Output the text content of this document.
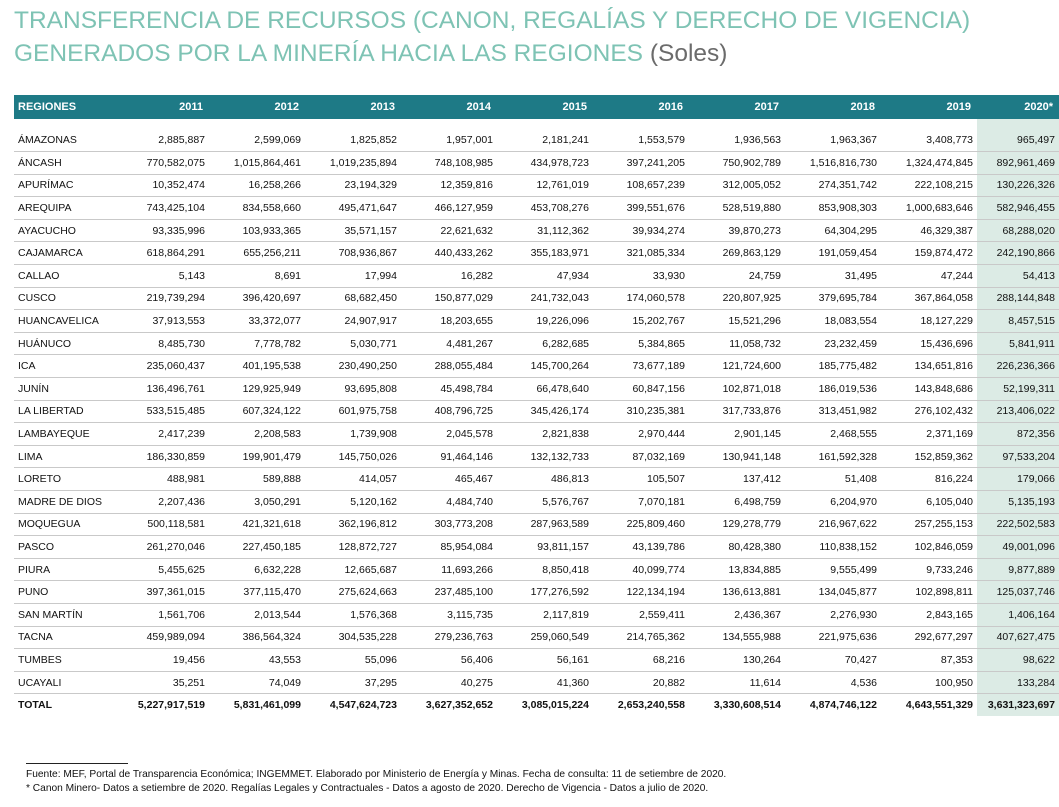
TRANSFERENCIA DE RECURSOS (CANON, REGALÍAS Y DERECHO DE VIGENCIA)
GENERADOS POR LA MINERÍA HACIA LAS REGIONES (Soles)
REGIONES	2011	2012	2013	2014	2015	2016	2017	2018	2019	2020*

ÁMAZONAS	2,885,887	2,599,069	1,825,852	1,957,001	2,181,241	1,553,579	1,936,563	1,963,367	3,408,773	965,497
ÁNCASH	770,582,075	1,015,864,461	1,019,235,894	748,108,985	434,978,723	397,241,205	750,902,789	1,516,816,730	1,324,474,845	892,961,469
APURÍMAC	10,352,474	16,258,266	23,194,329	12,359,816	12,761,019	108,657,239	312,005,052	274,351,742	222,108,215	130,226,326
AREQUIPA	743,425,104	834,558,660	495,471,647	466,127,959	453,708,276	399,551,676	528,519,880	853,908,303	1,000,683,646	582,946,455
AYACUCHO	93,335,996	103,933,365	35,571,157	22,621,632	31,112,362	39,934,274	39,870,273	64,304,295	46,329,387	68,288,020
CAJAMARCA	618,864,291	655,256,211	708,936,867	440,433,262	355,183,971	321,085,334	269,863,129	191,059,454	159,874,472	242,190,866
CALLAO	5,143	8,691	17,994	16,282	47,934	33,930	24,759	31,495	47,244	54,413
CUSCO	219,739,294	396,420,697	68,682,450	150,877,029	241,732,043	174,060,578	220,807,925	379,695,784	367,864,058	288,144,848
HUANCAVELICA	37,913,553	33,372,077	24,907,917	18,203,655	19,226,096	15,202,767	15,521,296	18,083,554	18,127,229	8,457,515
HUÁNUCO	8,485,730	7,778,782	5,030,771	4,481,267	6,282,685	5,384,865	11,058,732	23,232,459	15,436,696	5,841,911
ICA	235,060,437	401,195,538	230,490,250	288,055,484	145,700,264	73,677,189	121,724,600	185,775,482	134,651,816	226,236,366
JUNÍN	136,496,761	129,925,949	93,695,808	45,498,784	66,478,640	60,847,156	102,871,018	186,019,536	143,848,686	52,199,311
LA LIBERTAD	533,515,485	607,324,122	601,975,758	408,796,725	345,426,174	310,235,381	317,733,876	313,451,982	276,102,432	213,406,022
LAMBAYEQUE	2,417,239	2,208,583	1,739,908	2,045,578	2,821,838	2,970,444	2,901,145	2,468,555	2,371,169	872,356
LIMA	186,330,859	199,901,479	145,750,026	91,464,146	132,132,733	87,032,169	130,941,148	161,592,328	152,859,362	97,533,204
LORETO	488,981	589,888	414,057	465,467	486,813	105,507	137,412	51,408	816,224	179,066
MADRE DE DIOS	2,207,436	3,050,291	5,120,162	4,484,740	5,576,767	7,070,181	6,498,759	6,204,970	6,105,040	5,135,193
MOQUEGUA	500,118,581	421,321,618	362,196,812	303,773,208	287,963,589	225,809,460	129,278,779	216,967,622	257,255,153	222,502,583
PASCO	261,270,046	227,450,185	128,872,727	85,954,084	93,811,157	43,139,786	80,428,380	110,838,152	102,846,059	49,001,096
PIURA	5,455,625	6,632,228	12,665,687	11,693,266	8,850,418	40,099,774	13,834,885	9,555,499	9,733,246	9,877,889
PUNO	397,361,015	377,115,470	275,624,663	237,485,100	177,276,592	122,134,194	136,613,881	134,045,877	102,898,811	125,037,746
SAN MARTÍN	1,561,706	2,013,544	1,576,368	3,115,735	2,117,819	2,559,411	2,436,367	2,276,930	2,843,165	1,406,164
TACNA	459,989,094	386,564,324	304,535,228	279,236,763	259,060,549	214,765,362	134,555,988	221,975,636	292,677,297	407,627,475
TUMBES	19,456	43,553	55,096	56,406	56,161	68,216	130,264	70,427	87,353	98,622
UCAYALI	35,251	74,049	37,295	40,275	41,360	20,882	11,614	4,536	100,950	133,284
TOTAL	5,227,917,519	5,831,461,099	4,547,624,723	3,627,352,652	3,085,015,224	2,653,240,558	3,330,608,514	4,874,746,122	4,643,551,329	3,631,323,697
Fuente: MEF, Portal de Transparencia Económica; INGEMMET. Elaborado por Ministerio de Energía y Minas. Fecha de consulta: 11 de setiembre de 2020.
* Canon Minero- Datos a setiembre de 2020. Regalías Legales y Contractuales - Datos a agosto de 2020. Derecho de Vigencia - Datos a julio de 2020.
